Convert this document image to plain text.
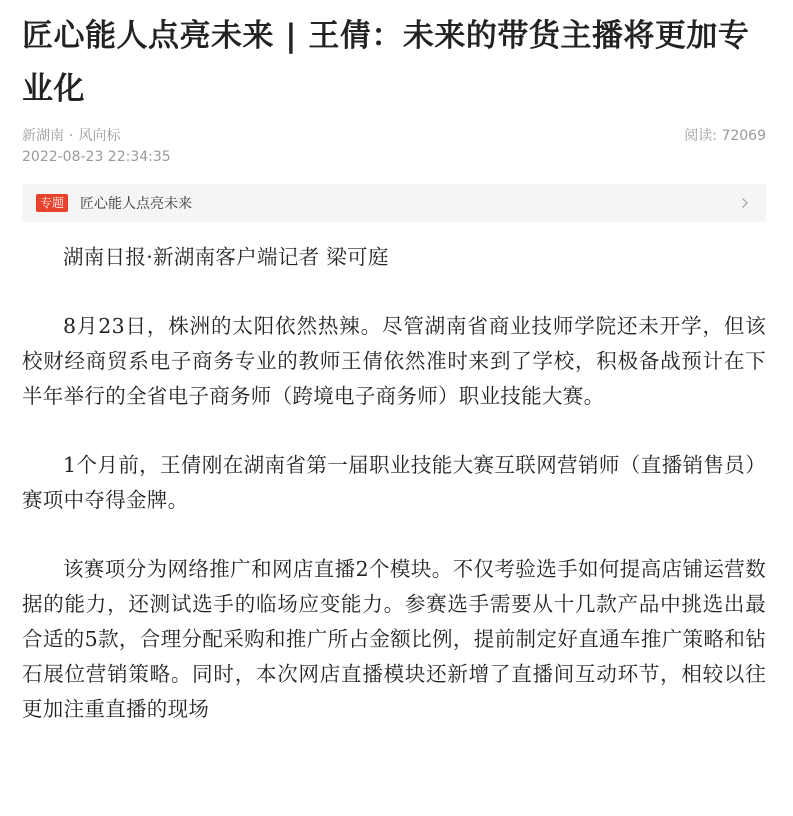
匠心能人点亮未来 | 王倩：未来的带货主播将更加专业化
新湖南 · 风向标	阅读: 72069
2022-08-23 22:34:35
专题 匠心能人点亮未来

湖南日报·新湖南客户端记者 梁可庭

8月23日，株洲的太阳依然热辣。尽管湖南省商业技师学院还未开学，但该校财经商贸系电子商务专业的教师王倩依然准时来到了学校，积极备战预计在下半年举行的全省电子商务师（跨境电子商务师）职业技能大赛。

1个月前，王倩刚在湖南省第一届职业技能大赛互联网营销师（直播销售员）赛项中夺得金牌。

该赛项分为网络推广和网店直播2个模块。不仅考验选手如何提高店铺运营数据的能力，还测试选手的临场应变能力。参赛选手需要从十几款产品中挑选出最合适的5款，合理分配采购和推广所占金额比例，提前制定好直通车推广策略和钻石展位营销策略。同时，本次网店直播模块还新增了直播间互动环节，相较以往更加注重直播的现场
